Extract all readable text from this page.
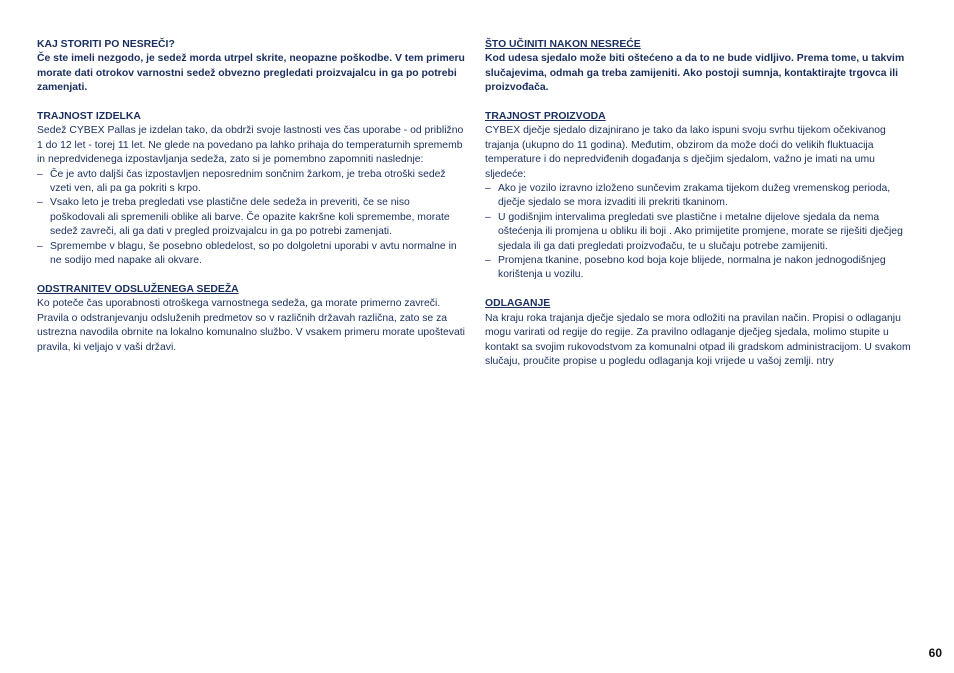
KAJ STORITI PO NESREČI?

Če ste imeli nezgodo, je sedež morda utrpel skrite, neopazne poškodbe. V tem primeru morate dati otrokov varnostni sedež obvezno pregledati proizvajalcu in ga po potrebi zamenjati.

TRAJNOST IZDELKA

Sedež CYBEX Pallas je izdelan tako, da obdrži svoje lastnosti ves čas uporabe - od približno 1 do 12 let - torej 11 let. Ne glede na povedano pa lahko prihaja do temperaturnih sprememb in nepredvidenega izpostavljanja sedeža, zato si je pomembno zapomniti naslednje:

– Če je avto daljši čas izpostavljen neposrednim sončnim žarkom, je treba otroški sedež vzeti ven, ali pa ga pokriti s krpo.
– Vsako leto je treba pregledati vse plastične dele sedeža in preveriti, če se niso poškodovali ali spremenili oblike ali barve. Če opazite kakršne koli spremembe, morate sedež zavreči, ali ga dati v pregled proizvajalcu in ga po potrebi zamenjati.
– Spremembe v blagu, še posebno obledelost, so po dolgoletni uporabi v avtu normalne in ne sodijo med napake ali okvare.
ODSTRANITEV ODSLUŽENEGA SEDEŽA

Ko poteče čas uporabnosti otroškega varnostnega sedeža, ga morate primerno zavreči. Pravila o odstranjevanju odsluženih predmetov so v različnih državah različna, zato se za ustrezna navodila obrnite na lokalno komunalno službo. V vsakem primeru morate upoštevati pravila, ki veljajo v vaši državi.

ŠTO UČINITI NAKON NESREĆE

Kod udesa sjedalo može biti oštećeno a da to ne bude vidljivo. Prema tome, u takvim slučajevima, odmah ga treba zamijeniti. Ako postoji sumnja, kontaktirajte trgovca ili proizvođača.

TRAJNOST PROIZVODA

CYBEX dječje sjedalo dizajnirano je tako da lako ispuni svoju svrhu tijekom očekivanog trajanja (ukupno do 11 godina). Međutim, obzirom da može doći do velikih fluktuacija temperature i do nepredviđenih događanja s dječjim sjedalom, važno je imati na umu sljedeće:

– Ako je vozilo izravno izloženo sunčevim zrakama tijekom dužeg vremenskog perioda, dječje sjedalo se mora izvaditi ili prekriti tkaninom.
– U godišnjim intervalima pregledati sve plastične i metalne dijelove sjedala da nema oštećenja ili promjena u obliku ili boji . Ako primijetite promjene, morate se riješiti dječjeg sjedala ili ga dati pregledati proizvođaču, te u slučaju potrebe zamijeniti.
– Promjena tkanine, posebno kod boja koje blijede, normalna je nakon jednogodišnjeg korištenja u vozilu.
ODLAGANJE

Na kraju roka trajanja dječje sjedalo se mora odložiti na pravilan način. Propisi o odlaganju mogu varirati od regije do regije. Za pravilno odlaganje dječjeg sjedala, molimo stupite u kontakt sa svojim rukovodstvom za komunalni otpad ili gradskom administracijom. U svakom slučaju, proučite propise u pogledu odlaganja koji vrijede u vašoj zemlji. ntry

60
